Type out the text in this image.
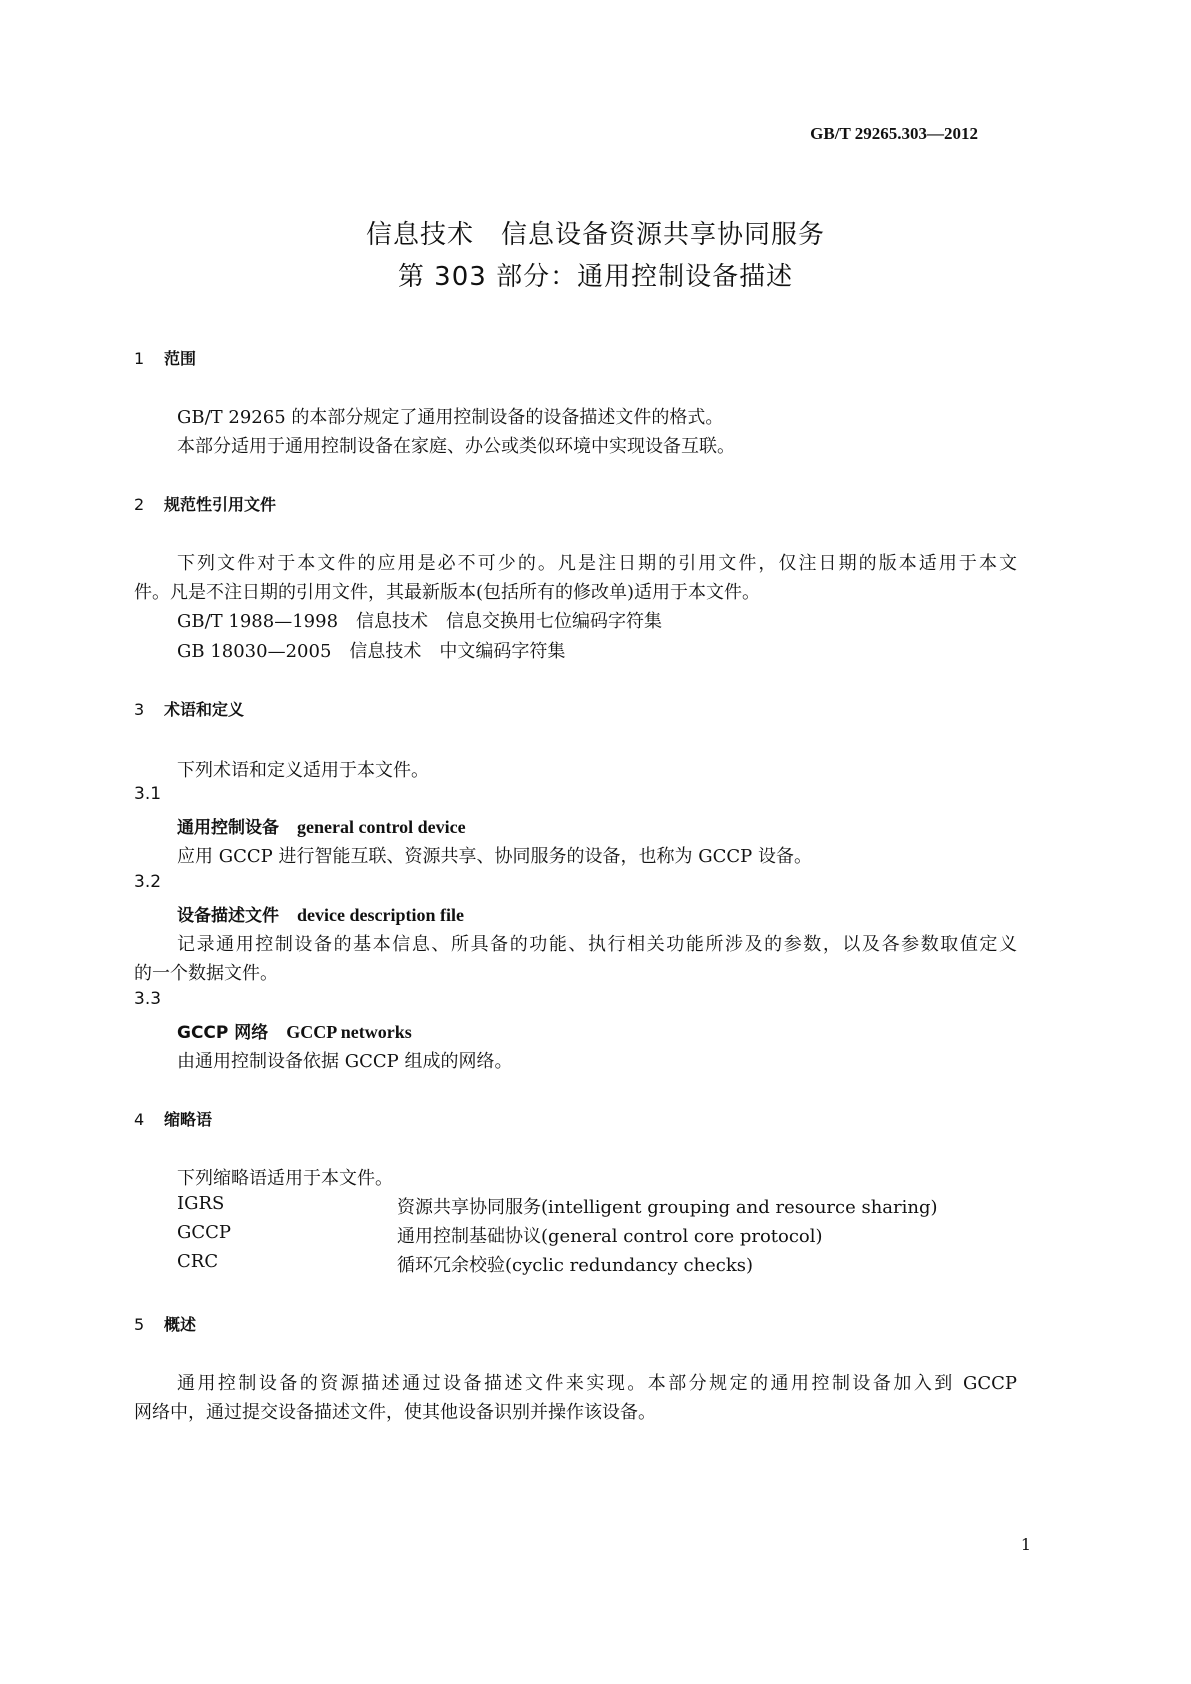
GB/T 29265.303—2012
信息技术　信息设备资源共享协同服务
第 303 部分：通用控制设备描述
1 范围
GB/T 29265 的本部分规定了通用控制设备的设备描述文件的格式。
本部分适用于通用控制设备在家庭、办公或类似环境中实现设备互联。
2 规范性引用文件
下列文件对于本文件的应用是必不可少的。凡是注日期的引用文件，仅注日期的版本适用于本文
件。凡是不注日期的引用文件，其最新版本(包括所有的修改单)适用于本文件。
GB/T 1988—1998　信息技术　信息交换用七位编码字符集
GB 18030—2005　信息技术　中文编码字符集
3 术语和定义
下列术语和定义适用于本文件。
3.1
通用控制设备 general control device
应用 GCCP 进行智能互联、资源共享、协同服务的设备，也称为 GCCP 设备。
3.2
设备描述文件 device description file
记录通用控制设备的基本信息、所具备的功能、执行相关功能所涉及的参数，以及各参数取值定义
的一个数据文件。
3.3
GCCP 网络 GCCP networks
由通用控制设备依据 GCCP 组成的网络。
4 缩略语
下列缩略语适用于本文件。
IGRS	资源共享协同服务(intelligent grouping and resource sharing)
GCCP	通用控制基础协议(general control core protocol)
CRC	循环冗余校验(cyclic redundancy checks)
5 概述
通用控制设备的资源描述通过设备描述文件来实现。本部分规定的通用控制设备加入到 GCCP
网络中，通过提交设备描述文件，使其他设备识别并操作该设备。
1
